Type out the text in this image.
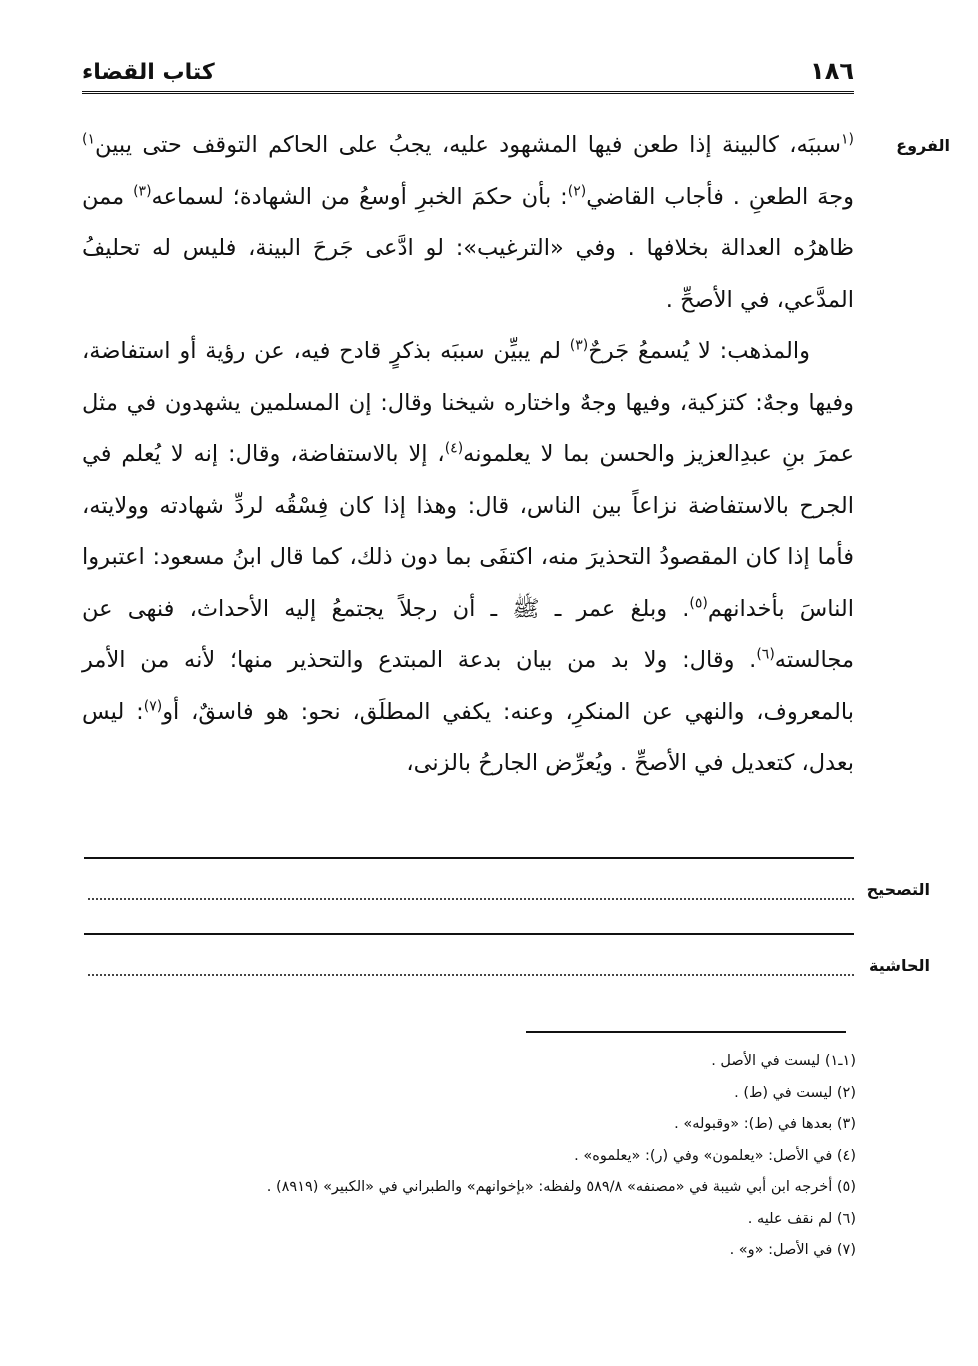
١٨٦
كتاب القضاء
الفروع

$^{(١}$سببَه، كالبينة إذا طعن فيها المشهود عليه، يجبُ على الحاكم التوقف حتى يبين$^{١)}$ وجهَ الطعنِ . فأجاب القاضي$^{(٢)}$: بأن حكمَ الخبرِ أوسعُ من الشهادة؛ لسماعه$^{(٣)}$ ممن ظاهرُه العدالة بخلافها . وفي «الترغيب»: لو ادَّعى جَرحَ البينة، فليس له تحليفُ المدَّعي، في الأصحِّ .

والمذهب: لا يُسمعُ جَرحٌ$^{(٣)}$ لم يبيِّن سببَه بذكرٍ قادح فيه، عن رؤية أو استفاضة، وفيها وجهٌ: كتزكية، وفيها وجهٌ واختاره شيخنا وقال: إن المسلمين يشهدون في مثل عمرَ بنِ عبدِالعزيز والحسن بما لا يعلمونه$^{(٤)}$، إلا بالاستفاضة، وقال: إنه لا يُعلم في الجرح بالاستفاضة نزاعاً بين الناس، قال: وهذا إذا كان فِسْقُه لردِّ شهادته وولايته، فأما إذا كان المقصودُ التحذيرَ منه، اكتفَى بما دون ذلك، كما قال ابنُ مسعود: اعتبروا الناسَ بأخدانهم$^{(٥)}$. وبلغ عمر ـ ﷺ ـ أن رجلاً يجتمعُ إليه الأحداث، فنهى عن مجالسته$^{(٦)}$. وقال: ولا بد من بيان بدعة المبتدع والتحذير منها؛ لأنه من الأمر بالمعروف، والنهي عن المنكرِ، وعنه: يكفي المطلَق، نحو: هو فاسقٌ، أو$^{(٧)}$: ليس بعدل، كتعديل في الأصحِّ . ويُعرِّض الجارحُ بالزنى،

التصحيح
الحاشية

(١ـ١) ليست في الأصل .

(٢) ليست في (ط) .

(٣) بعدها في (ط): «وقبوله» .

(٤) في الأصل: «يعلمون» وفي (ر): «يعلموه» .

(٥) أخرجه ابن أبي شيبة في «مصنفه» ٥٨٩/٨ ولفظه: «بإخوانهم» والطبراني في «الكبير» (٨٩١٩) .

(٦) لم نقف عليه .

(٧) في الأصل: «و» .
